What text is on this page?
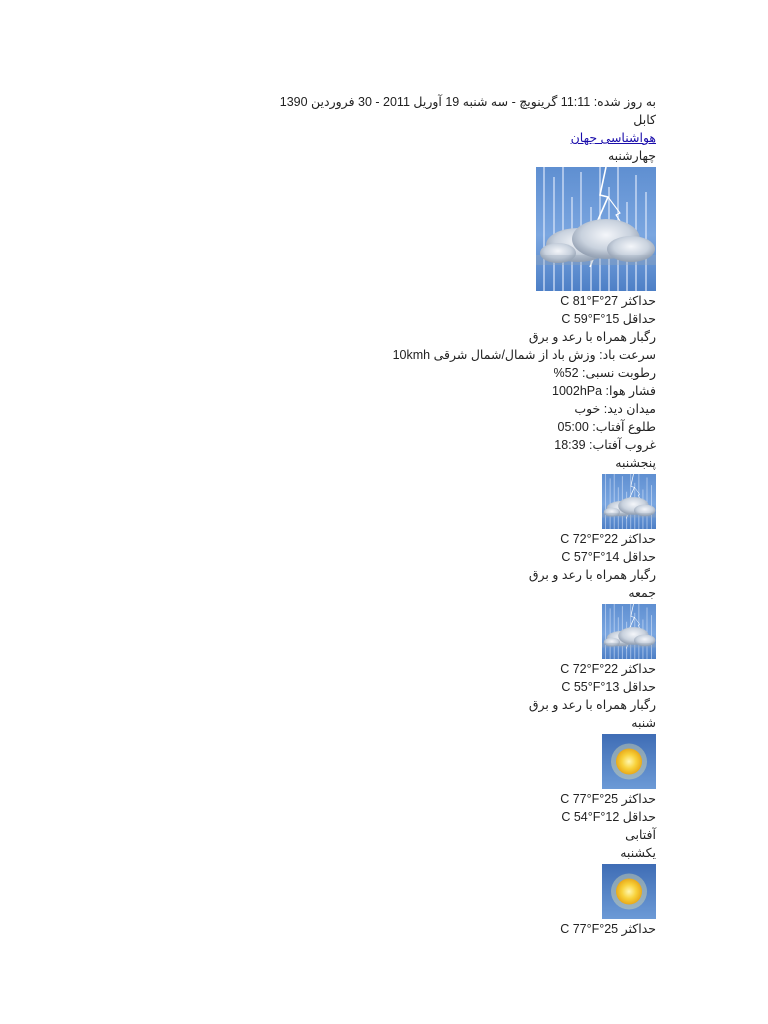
به روز شده: 11:11 گرینویچ - سه شنبه 19 آوریل 2011 - 30 فروردین 1390
کابل
هواشناسی جهان
چهارشنبه
حداکثر 27°C 81°F
حداقل 15°C 59°F
رگبار همراه با رعد و برق
سرعت باد: وزش باد از شمال/شمال شرقی 10kmh
رطوبت نسبی: 52%
فشار هوا: 1002hPa
میدان دید: خوب
طلوع آفتاب: 05:00
غروب آفتاب: 18:39
پنجشنبه
حداکثر 22°C 72°F
حداقل 14°C 57°F
رگبار همراه با رعد و برق
جمعه
حداکثر 22°C 72°F
حداقل 13°C 55°F
رگبار همراه با رعد و برق
شنبه
حداکثر 25°C 77°F
حداقل 12°C 54°F
آفتابی
یکشنبه
حداکثر 25°C 77°F
